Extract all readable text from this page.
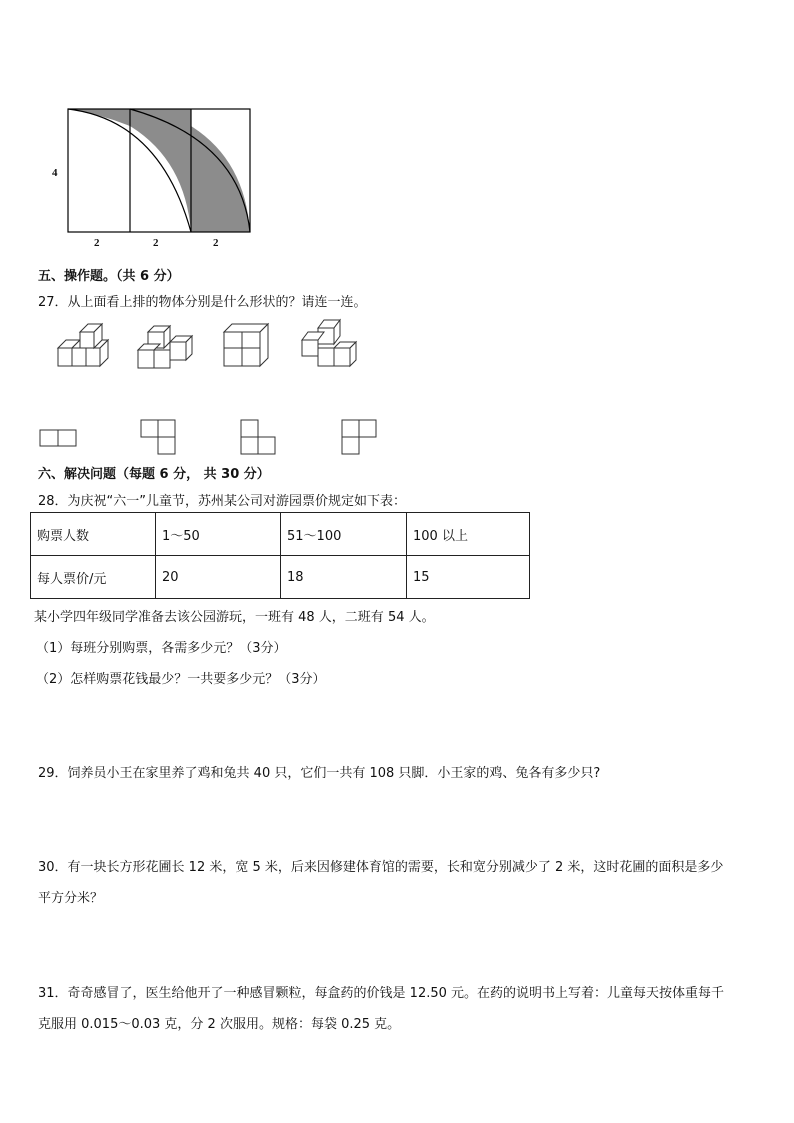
4
2	2	2
五、操作题。（共 6 分）
27．从上面看上排的物体分别是什么形状的？请连一连。
六、解决问题（每题 6 分， 共 30 分）
28．为庆祝“六一”儿童节，苏州某公司对游园票价规定如下表：
购票人数	1～50	51～100	100 以上
每人票价/元	20	18	15
某小学四年级同学准备去该公园游玩，一班有 48 人，二班有 54 人。
（1）每班分别购票，各需多少元？（3分）
（2）怎样购票花钱最少？一共要多少元？（3分）
29．饲养员小王在家里养了鸡和兔共 40 只，它们一共有 108 只脚．小王家的鸡、兔各有多少只?
30．有一块长方形花圃长 12 米，宽 5 米，后来因修建体育馆的需要，长和宽分别减少了 2 米，这时花圃的面积是多少
平方分米？
31．奇奇感冒了，医生给他开了一种感冒颗粒，每盒药的价钱是 12.50 元。在药的说明书上写着：儿童每天按体重每千
克服用 0.015～0.03 克，分 2 次服用。规格：每袋 0.25 克。
